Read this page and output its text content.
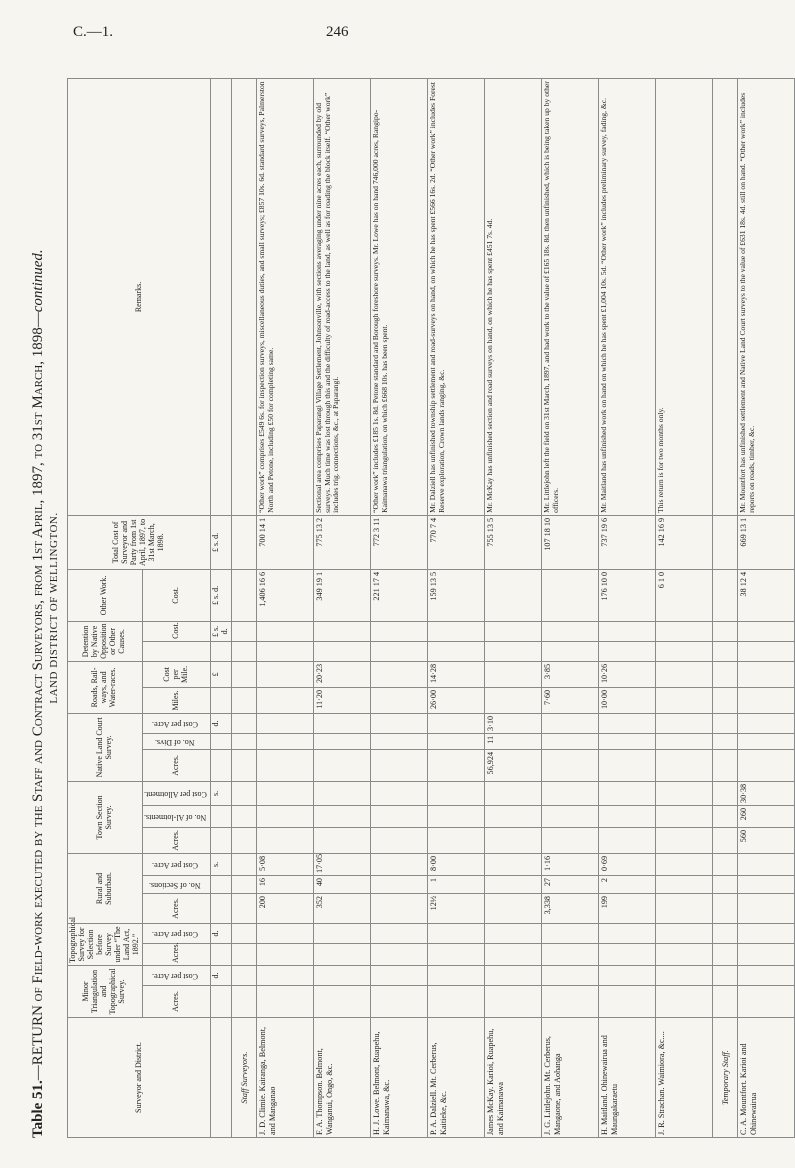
C.—1.	246
Table 51.—RETURN of Field-work executed by the Staff and Contract Surveyors, from 1st April, 1897, to 31st March, 1898—continued.
LAND DISTRICT OF WELLINGTON.
Surveyor and District.	Minor Triangulation and Topographical Survey.		Topographical Survey for Selection before Survey under “The Land Act, 1892.”		Rural and Suburban.			Town Section Survey.			Native Land Court Survey.			Roads, Rail-ways, and Water-races.		Detention by Native Opposition or Other Causes.		Other Work.	Total Cost of Surveyor and Party from 1st April, 1897, to 31st March, 1898.	Remarks.
	Acres.	Cost per Acre.	Acres.	Cost per Acre.	Acres.	No. of Sections.	Cost per Acre.	Acres.	No. of Al-lotments.	Cost per Allotment.	Acres.	No. of Divs.	Cost per Acre.	Miles.	Cost per Mile.		Cost.	Cost.		
		d.		d.			s.			s.			d.		£		£ s. d.	£ s. d.	£ s. d.	
Staff Surveyors.																				
J. D. Climie. Kairanga, Belmont, and Manganao					200	16	5·08											1,406 16 6	700 14 1	“Other work” comprises £549 6s. for inspection surveys, miscellaneous duties, and small surveys; £857 10s. 6d. standard surveys, Palmerston North and Petone, including £50 for completing same.
F. A. Thompson. Belmont, Wanganui, Ongo, &c.					352	40	17·05							11·20	20·23			349 19 1	775 13 2	Sectional area comprises Paparangi Village Settlement, Johnsonville, with sections averaging under nine acres each, surrounded by old surveys. Much time was lost through this and the difficulty of road-access to the land, as well as for roading the block itself. “Other work” includes trig. connections, &c., at Paparangi.
H. J. Lowe. Belmont, Ruapehu, Kaimanawa, &c.																		221 17 4	772 3 11	“Other work” includes £185 1s. 8d. Petone standard and Borough foreshore surveys. Mr. Lowe has on hand 746,000 acres, Rangipo-Kaimanawa triangulation, on which £668 10s. has been spent.
P. A. Dalziell. Mt. Cerberus, Kaitieke, &c.					12½	1	8·00							26·00	14·28			159 13 5	770 7 4	Mr. Dalziell has unfinished township settlement and road-surveys on hand, on which he has spent £566 16s. 2d. “Other work” includes Forest Reserve exploration, Crown lands ranging, &c.
James McKay. Karioi, Ruapehu, and Kaimanawa											56,924	11	3·10						755 13 5	Mr. McKay has unfinished section and road surveys on hand, on which he has spent £451 7s. 4d.
J. G. Littlejohn. Mt. Cerberus, Mangaone, and Aohanga					3,338	27	1·16							7·60	3·85				107 18 10	Mr. Littlejohn left the field on 31st March, 1897, and had work to the value of £165 18s. 8d. then unfinished, which is being taken up by other officers.
H. Maitland. Ohinewairua and Maungakaraetu					199	2	0·69							10·00	10·26			176 10 0	737 19 6	Mr. Maitland has unfinished work on hand on which he has spent £1,004 10s. 5d. “Other work” includes preliminary survey, fading, &c.
J. R. Strachan. Waimiora, &c....																		6 1 0	142 16 9	This return is for two months only.
Temporary Staff.																				
C. A. Mountfort. Karioi and Ohinewairua								560	260	30·38								38 12 4	669 13 1	Mr. Mountfort has unfinished settlement and Native Land Court surveys to the value of £631 18s. 4d. still on hand. “Other work” includes reports on roads, timber, &c.
